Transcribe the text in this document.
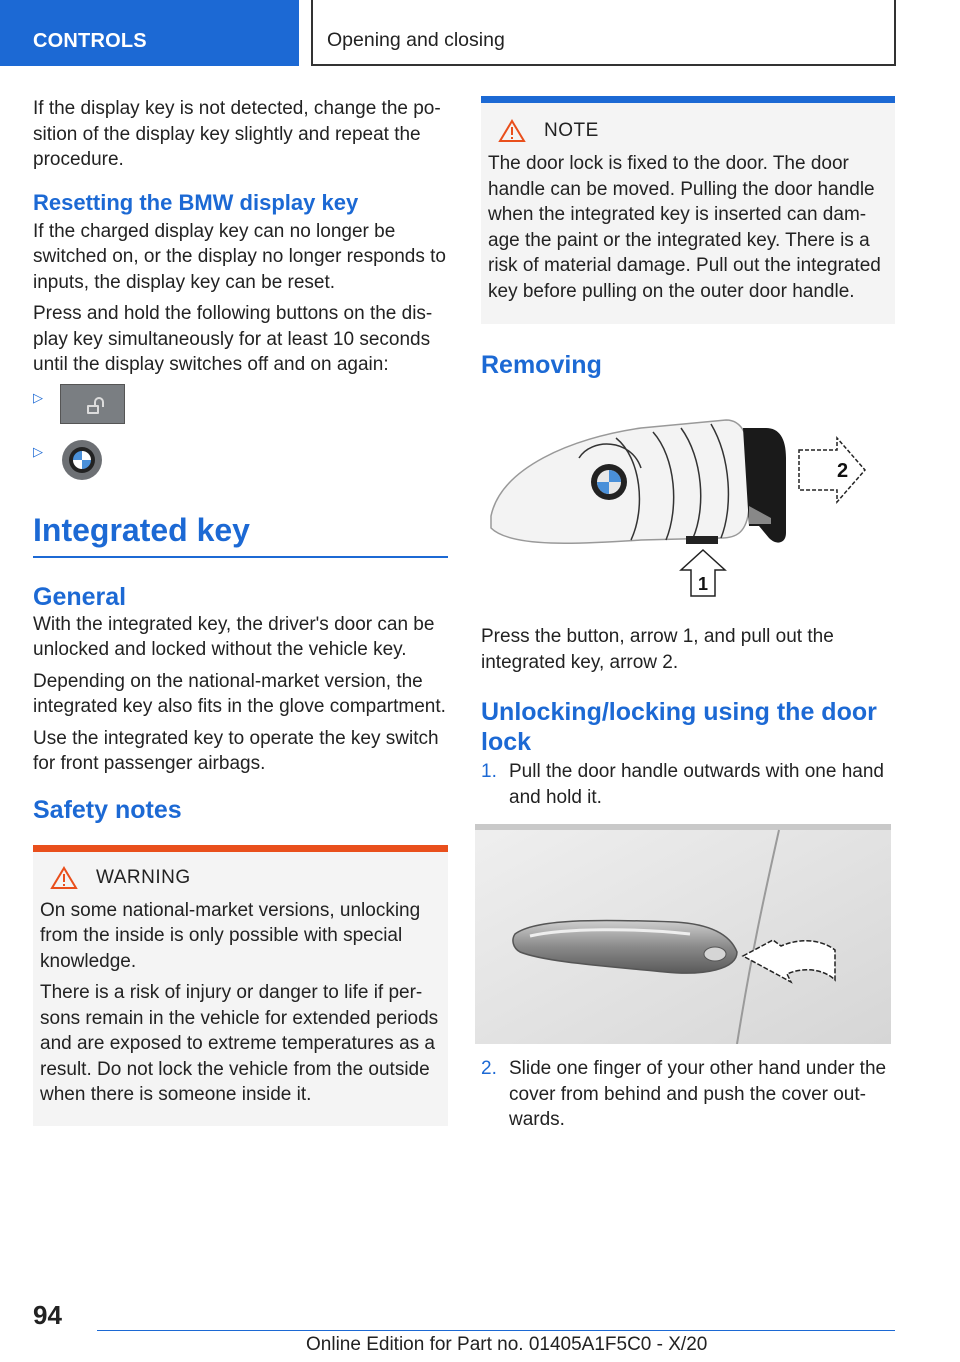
CONTROLS	Opening and closing

If the display key is not detected, change the po-sition of the display key slightly and repeat the procedure.

Resetting the BMW display key

If the charged display key can no longer be switched on, or the display no longer responds to inputs, the display key can be reset.

Press and hold the following buttons on the dis-play key simultaneously for at least 10 seconds until the display switches off and on again:

▷
▷
Integrated key
General

With the integrated key, the driver's door can be unlocked and locked without the vehicle key.

Depending on the national-market version, the integrated key also fits in the glove compartment.

Use the integrated key to operate the key switch for front passenger airbags.

Safety notes
WARNING

On some national-market versions, unlocking from the inside is only possible with special knowledge.

There is a risk of injury or danger to life if per-sons remain in the vehicle for extended periods and are exposed to extreme temperatures as a result. Do not lock the vehicle from the outside when there is someone inside it.

NOTE

The door lock is fixed to the door. The door handle can be moved. Pulling the door handle when the integrated key is inserted can dam-age the paint or the integrated key. There is a risk of material damage. Pull out the integrated key before pulling on the outer door handle.

Removing
2
1

Press the button, arrow 1, and pull out the integrated key, arrow 2.

Unlocking/locking using the door lock
1. Pull the door handle outwards with one hand and hold it.
2. Slide one finger of your other hand under the cover from behind and push the cover out-wards.
94
Online Edition for Part no. 01405A1F5C0 - X/20
